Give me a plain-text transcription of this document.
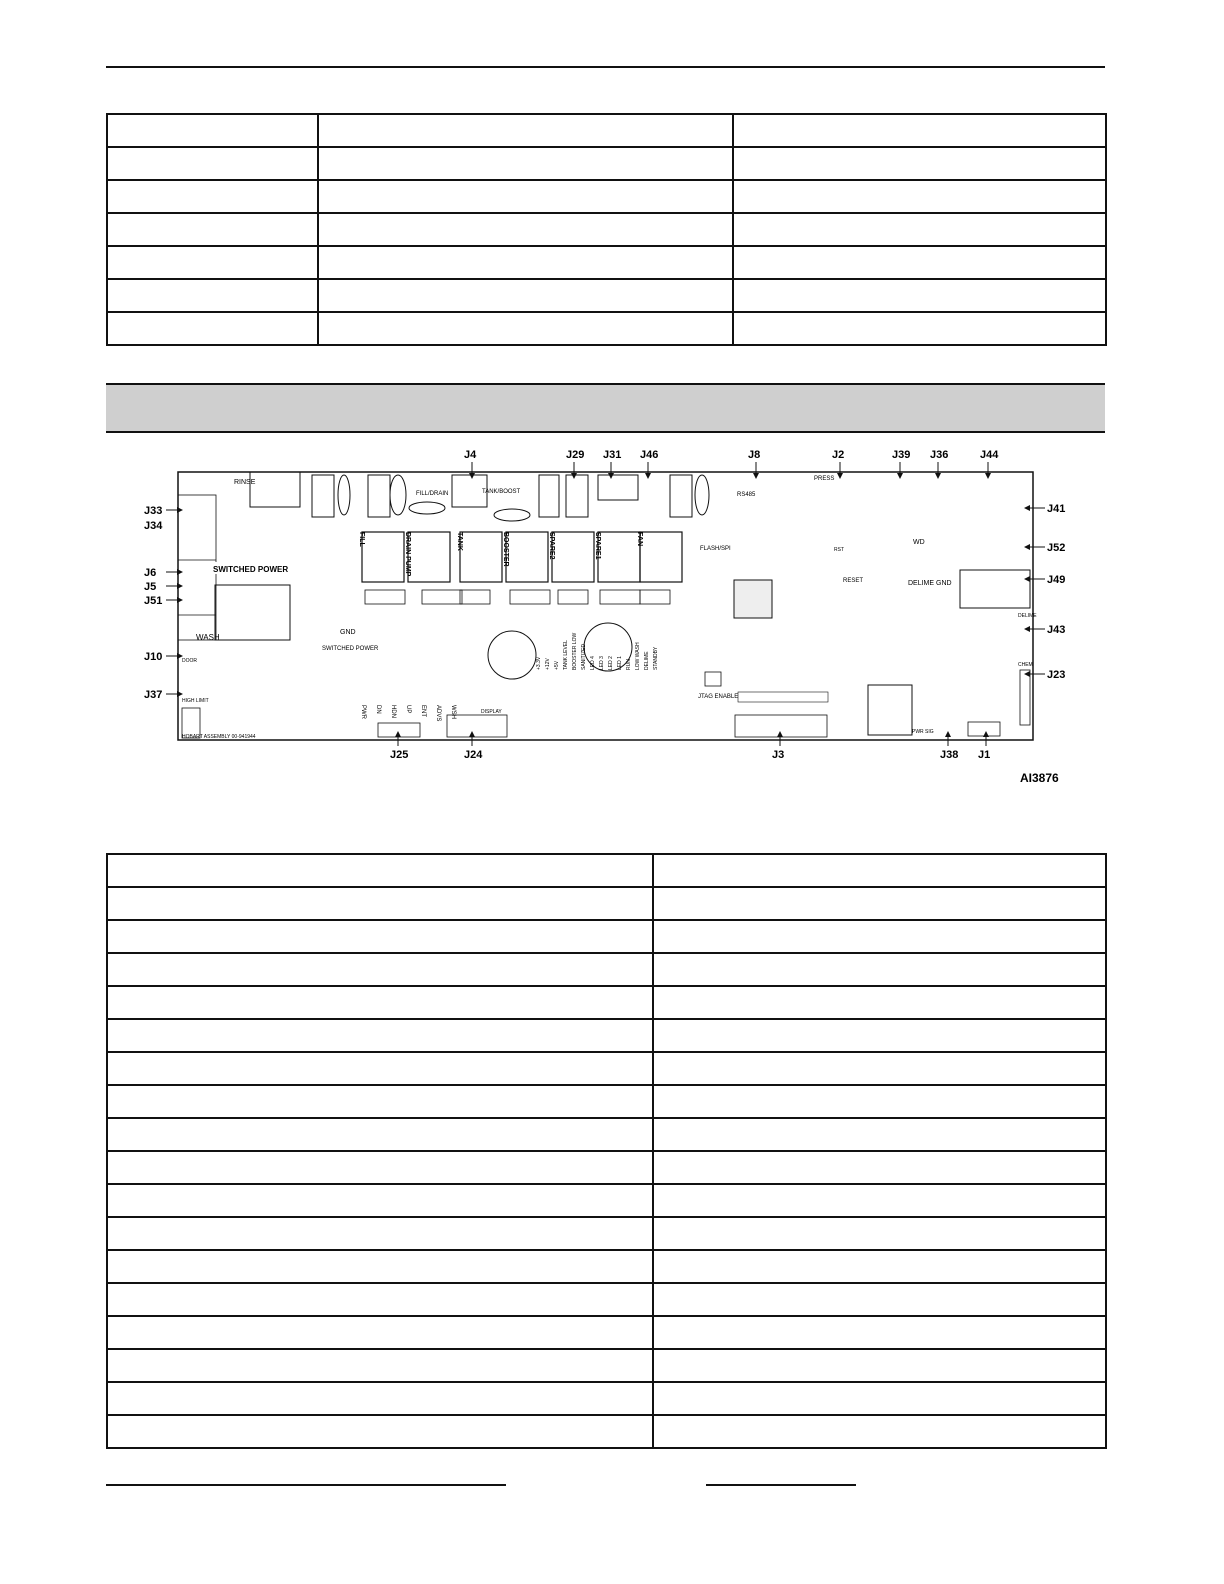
RINSE
WASH
SWITCHED POWER
SWITCHED POWER
GND
FILL/DRAIN	TANK/BOOST
FILL	DRAIN PUMP	TANK	BOOSTER	SPARE2	SPARE1	FAN
DELIME GND
WD
RST
RESET
FLASH/SPI
RS485
PRESS
JTAG ENABLE
DOOR
HIGH LIMIT
HOBART ASSEMBLY 00-941944
DISPLAY
PWR SIG
DELIME
CHEM
PWR DN HDN UP ENT ADVS WSH
+3.3V +12V +5V TANK LEVEL BOOSTER LOW SANITIZED LED 4 LED 3 LED 2 LED 1 RUN LOW WASH DELIME STANDBY
J4	J29 J31 J46	J8	J2	J39 J36	J44
J33
J34
J6
J5
J51
J10
J37
J41
J52
J49
J43
J23
J25	J24	J3	J38 J1
AI3876
